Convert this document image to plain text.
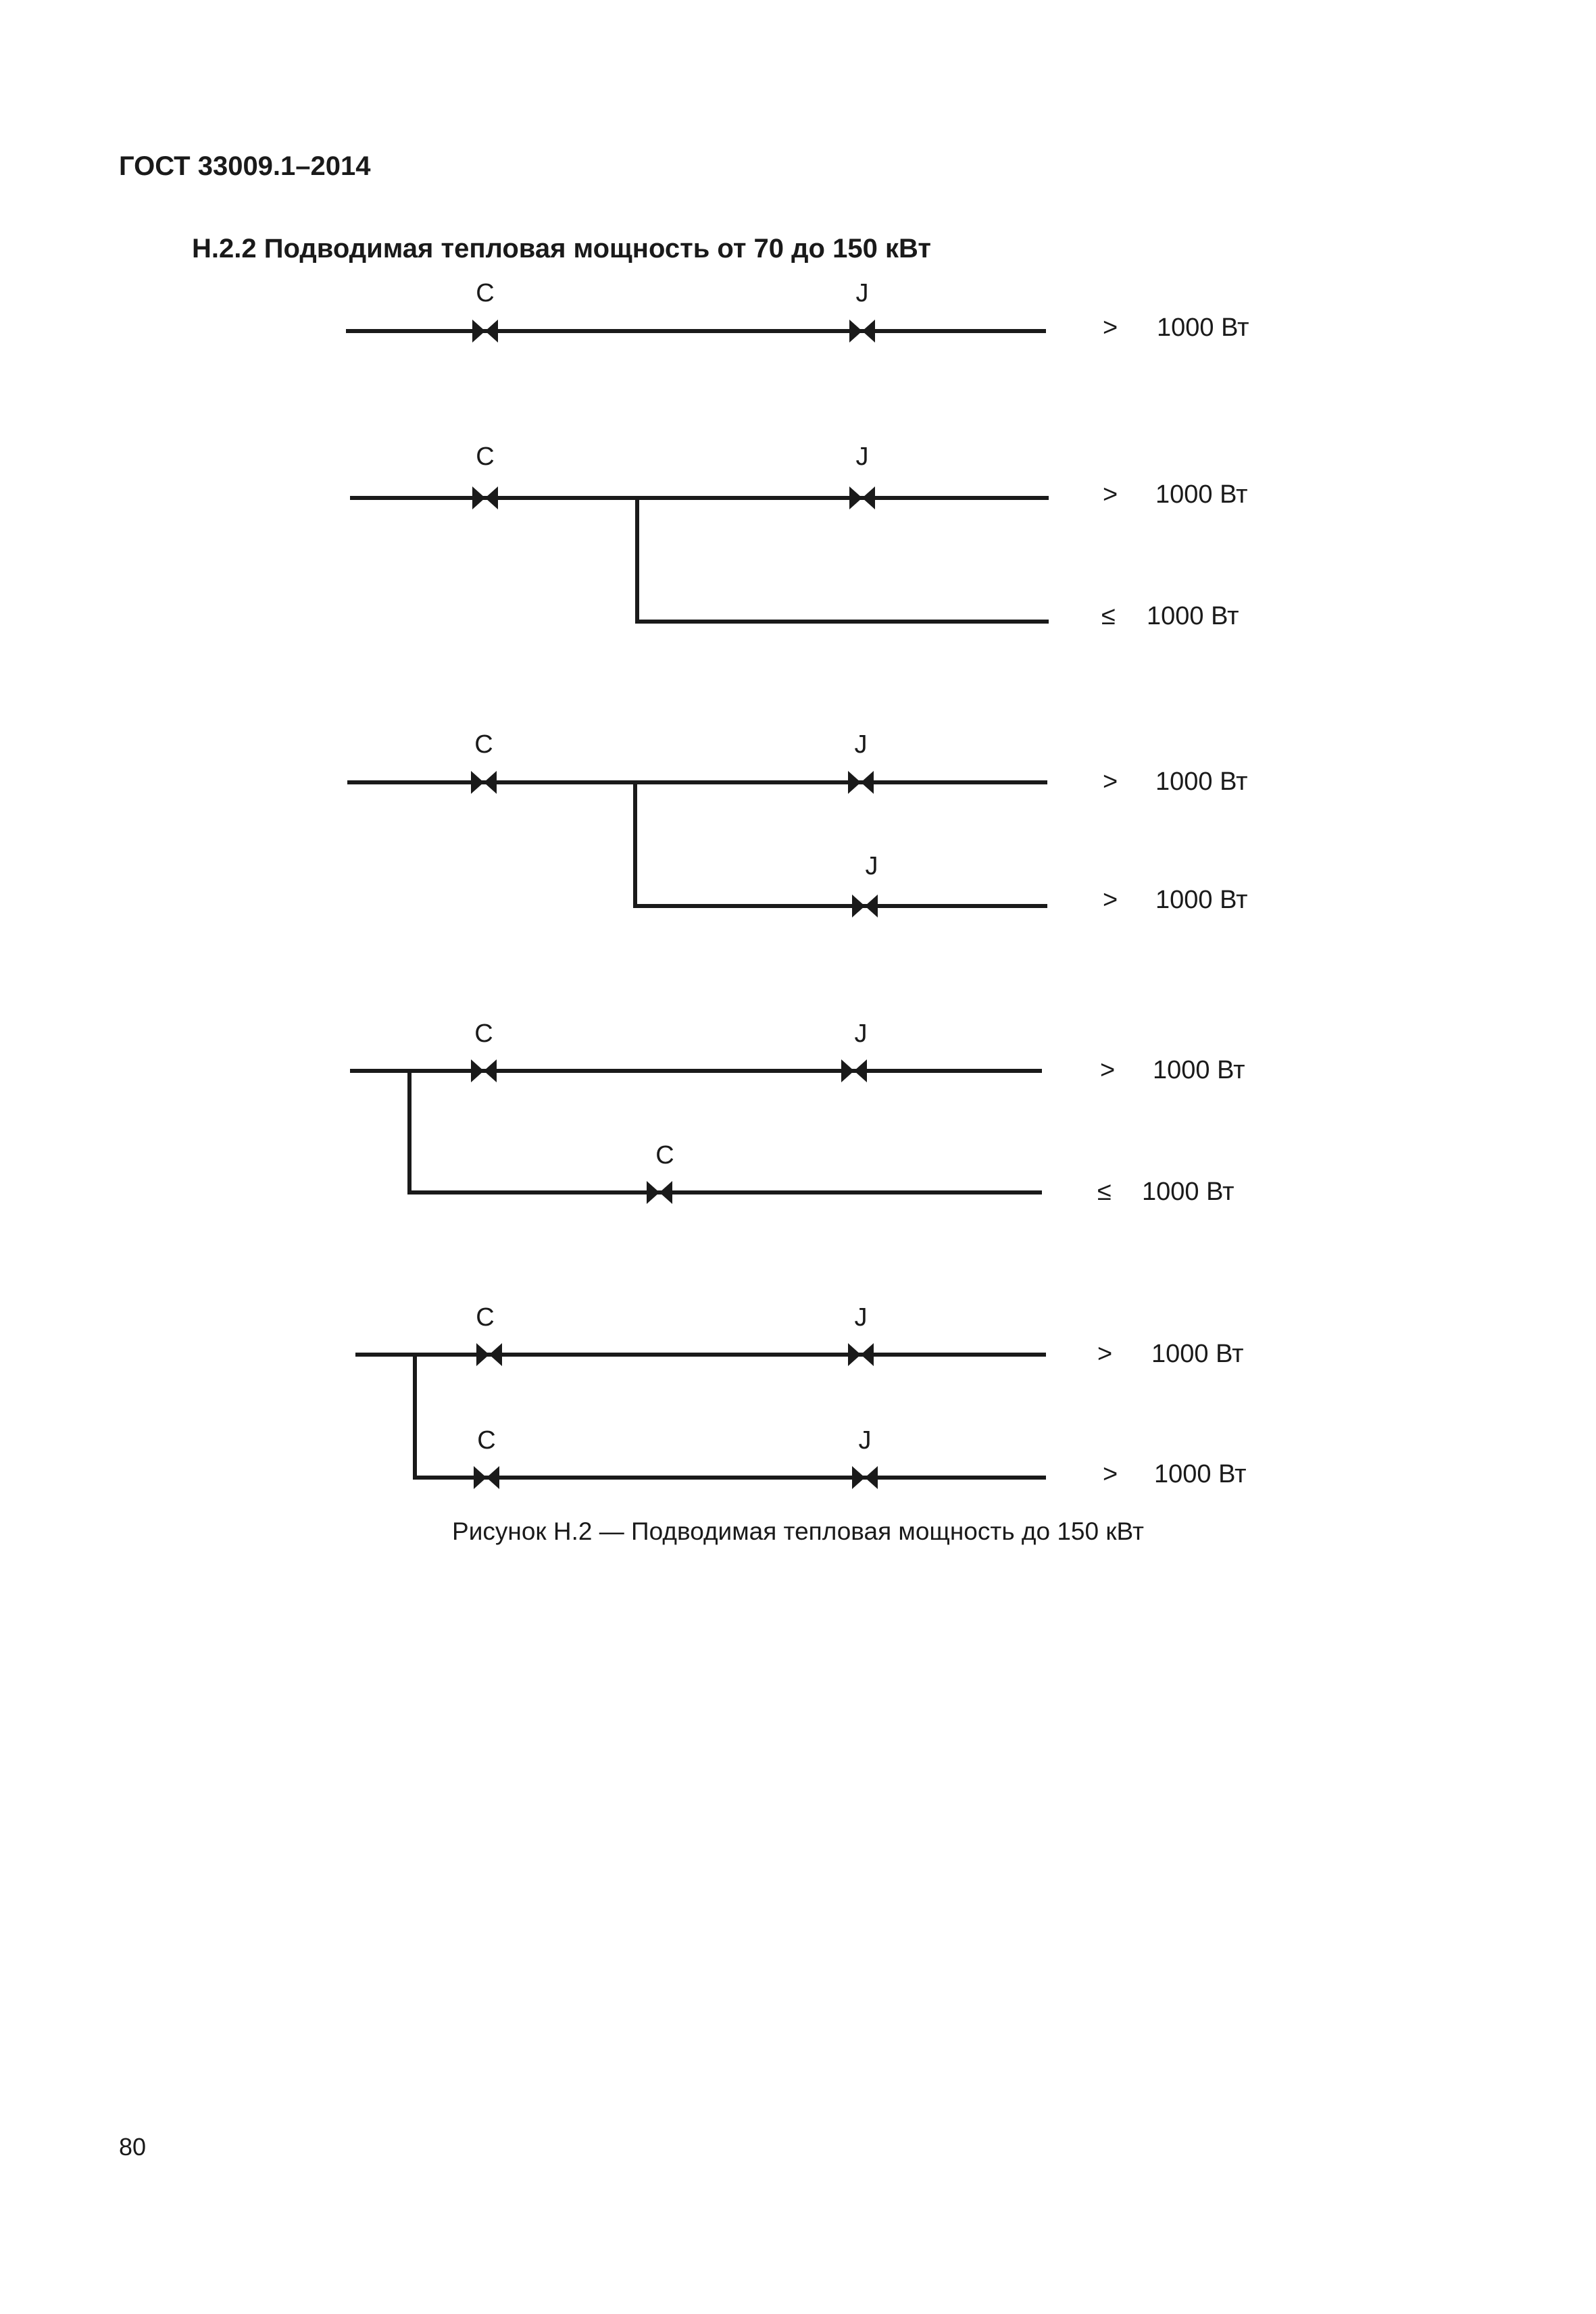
ГОСТ 33009.1–2014
Н.2.2 Подводимая тепловая мощность от 70 до 150 кВт
C	J
> 1000 Вт
C	J
> 1000 Вт
≤ 1000 Вт
C	J
J
> 1000 Вт
> 1000 Вт
C	J
C
> 1000 Вт
≤ 1000 Вт
C	J
C	J
> 1000 Вт
> 1000 Вт
Рисунок Н.2 — Подводимая тепловая мощность до 150 кВт
80
